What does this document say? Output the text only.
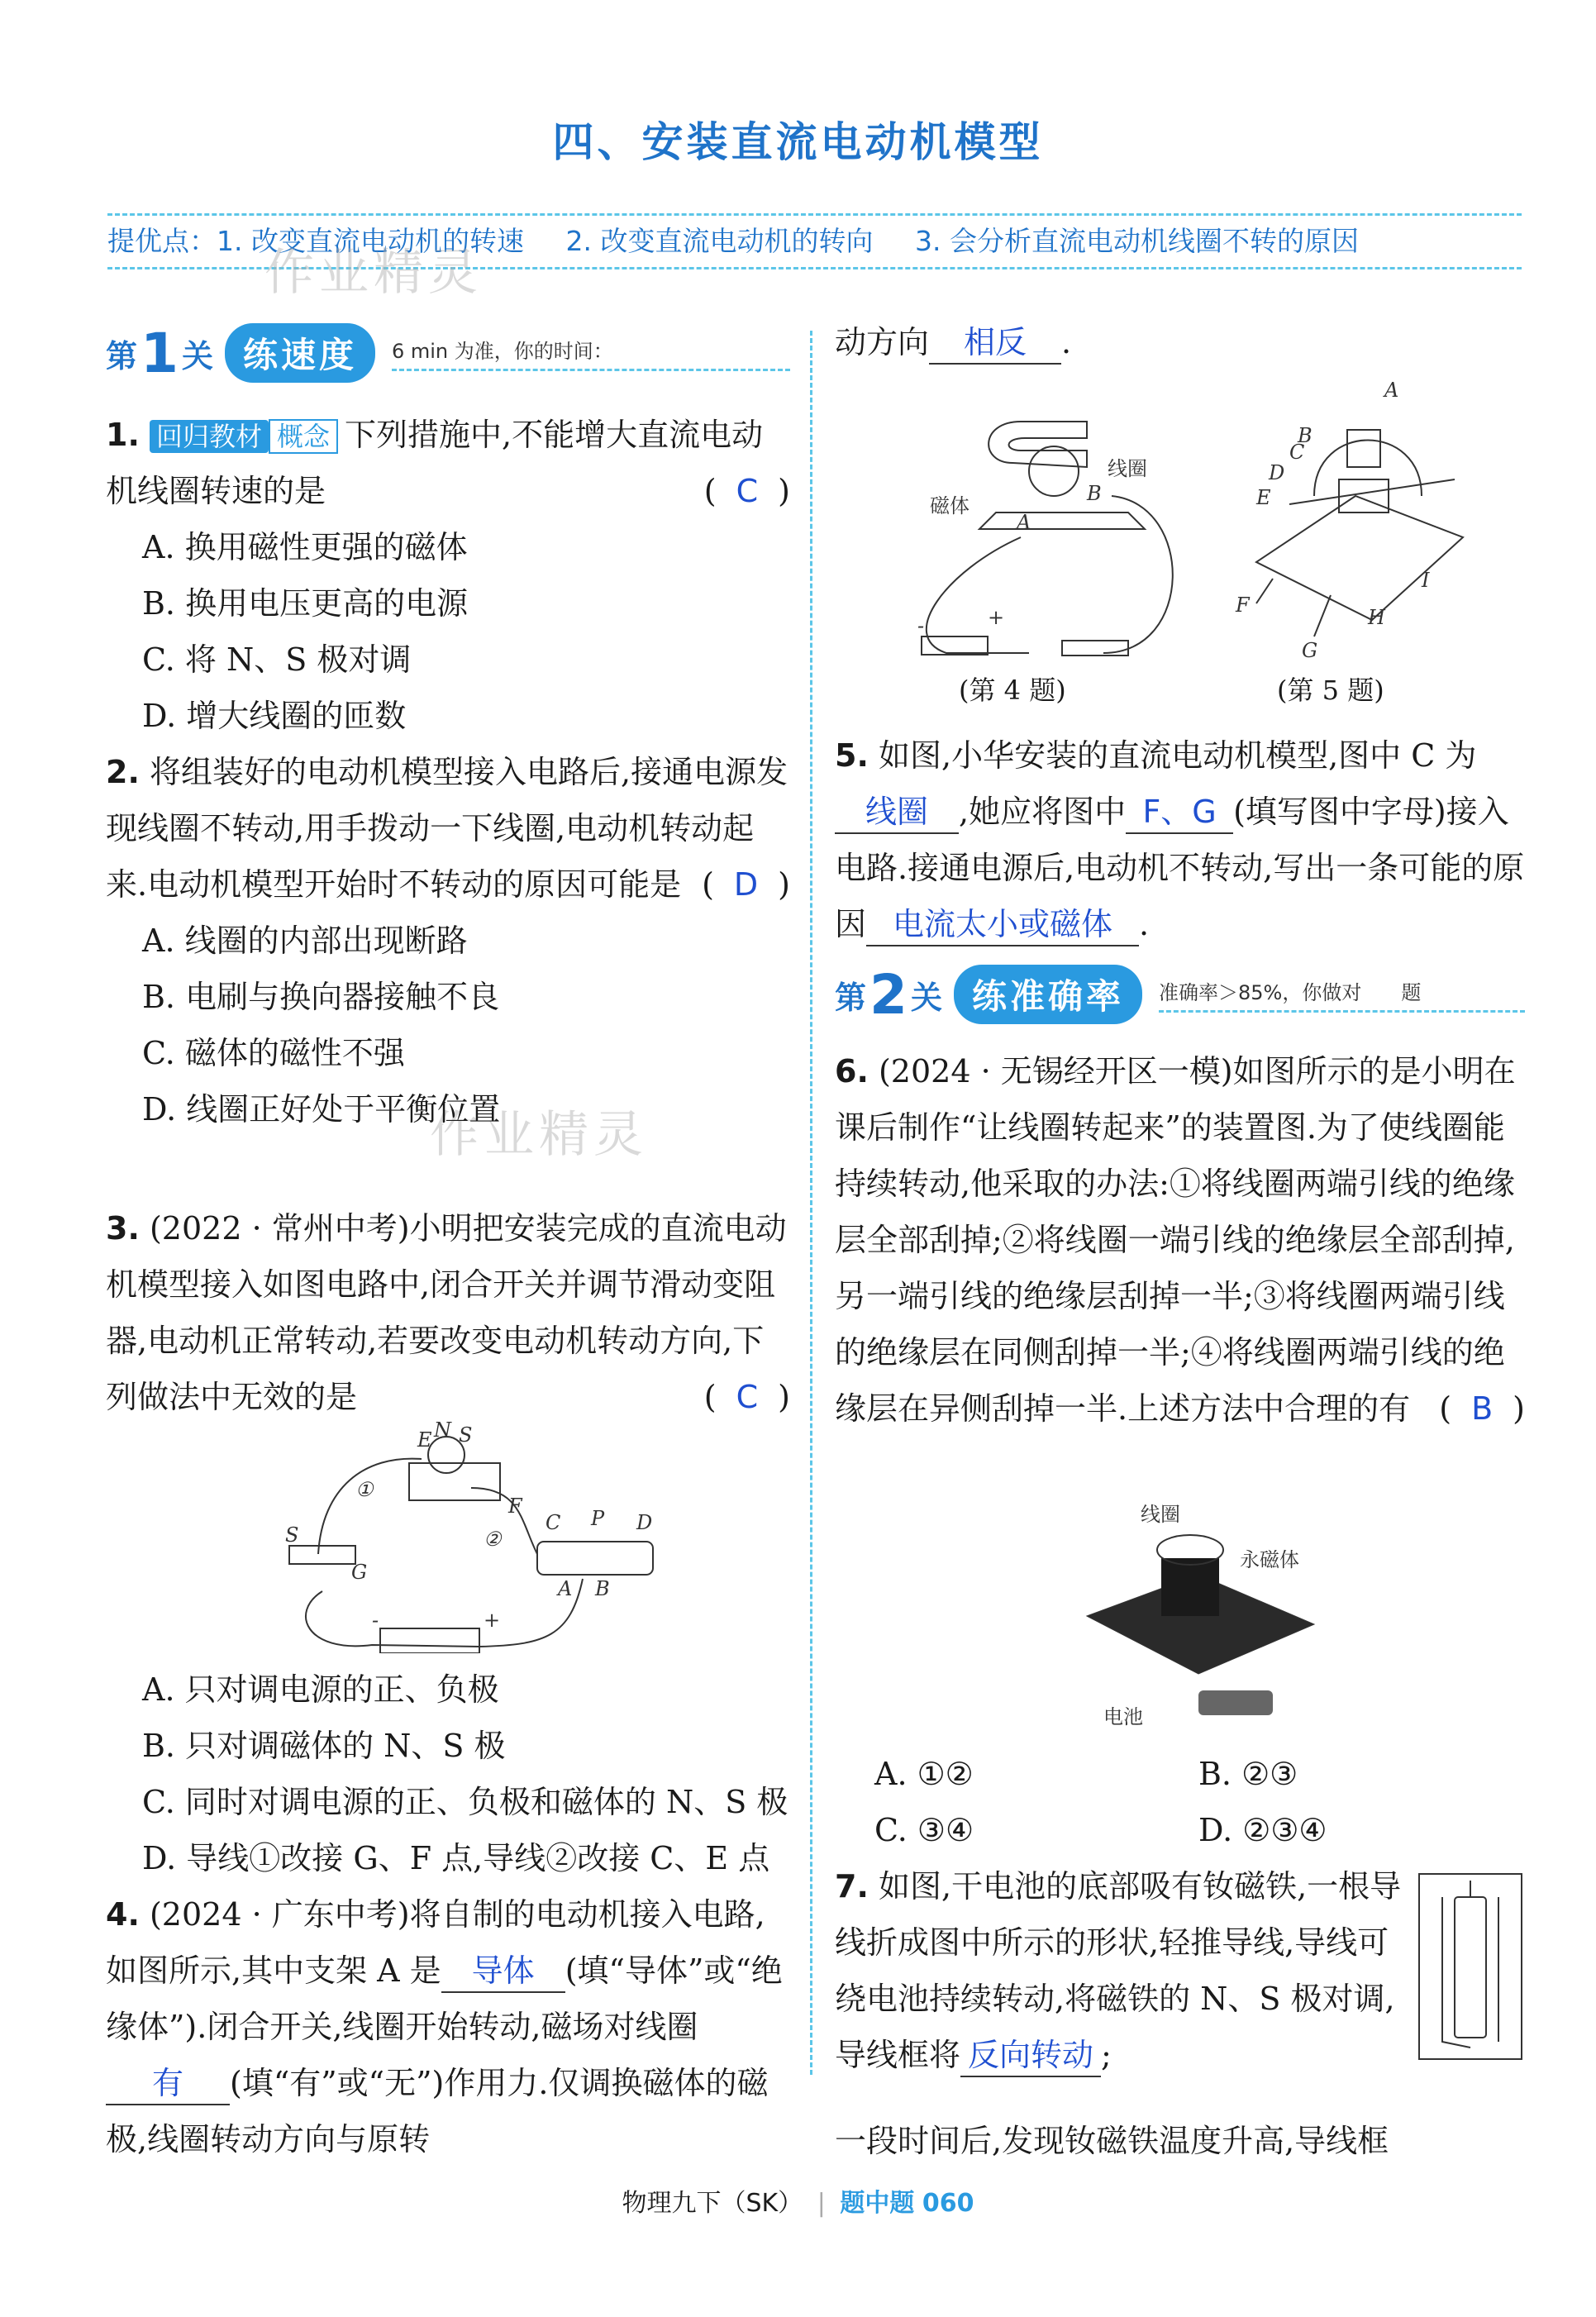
四、安装直流电动机模型
提优点：1. 改变直流电动机的转速 2. 改变直流电动机的转向 3. 会分析直流电动机线圈不转的原因
作业精灵
作业精灵
第 1 关 练速度	6 min 为准，你的时间：
1. 回归教材 概念 下列措施中,不能增大直流电动机线圈转速的是	( C )
A. 换用磁性更强的磁体
B. 换用电压更高的电源
C. 将 N、S 极对调
D. 增大线圈的匝数
2. 将组装好的电动机模型接入电路后,接通电源发现线圈不转动,用手拨动一下线圈,电动机转动起来.电动机模型开始时不转动的原因可能是 ( D )
A. 线圈的内部出现断路
B. 电刷与换向器接触不良
C. 磁体的磁性不强
D. 线圈正好处于平衡位置
3. (2022 · 常州中考)小明把安装完成的直流电动机模型接入如图电路中,闭合开关并调节滑动变阻器,电动机正常转动,若要改变电动机转动方向,下列做法中无效的是	( C )
①
②
E N S
F
S
G
C P D
A B
-	+
A. 只对调电源的正、负极
B. 只对调磁体的 N、S 极
C. 同时对调电源的正、负极和磁体的 N、S 极
D. 导线①改接 G、F 点,导线②改接 C、E 点
4. (2024 · 广东中考)将自制的电动机接入电路,如图所示,其中支架 A 是 导体 (填“导体”或“绝缘体”).闭合开关,线圈开始转动,磁场对线圈有 (填“有”或“无”)作用力.仅调换磁体的磁极,线圈转动方向与原转
动方向 相反 .
线圈
磁体
A
B
-	+
A
B
C
D
E
F
G
H
I
(第 4 题)	(第 5 题)
5. 如图,小华安装的直流电动机模型,图中 C 为线圈 ,她应将图中 F、G (填写图中字母)接入电路.接通电源后,电动机不转动,写出一条可能的原因 电流太小或磁体 .
第 2 关 练准确率	准确率＞85%，你做对　　题
6. (2024 · 无锡经开区一模)如图所示的是小明在课后制作“让线圈转起来”的装置图.为了使线圈能持续转动,他采取的办法:①将线圈两端引线的绝缘层全部刮掉;②将线圈一端引线的绝缘层全部刮掉,另一端引线的绝缘层刮掉一半;③将线圈两端引线的绝缘层在同侧刮掉一半;④将线圈两端引线的绝缘层在异侧刮掉一半.上述方法中合理的有 ( B )
线圈
永磁体
电池
A. ①②	B. ②③
C. ③④	D. ②③④
7. 如图,干电池的底部吸有钕磁铁,一根导线折成图中所示的形状,轻推导线,导线可绕电池持续转动,将磁铁的 N、S 极对调,导线框将 反向转动 ;
一段时间后,发现钕磁铁温度升高,导线框
物理九下（SK） | 题中题 060
